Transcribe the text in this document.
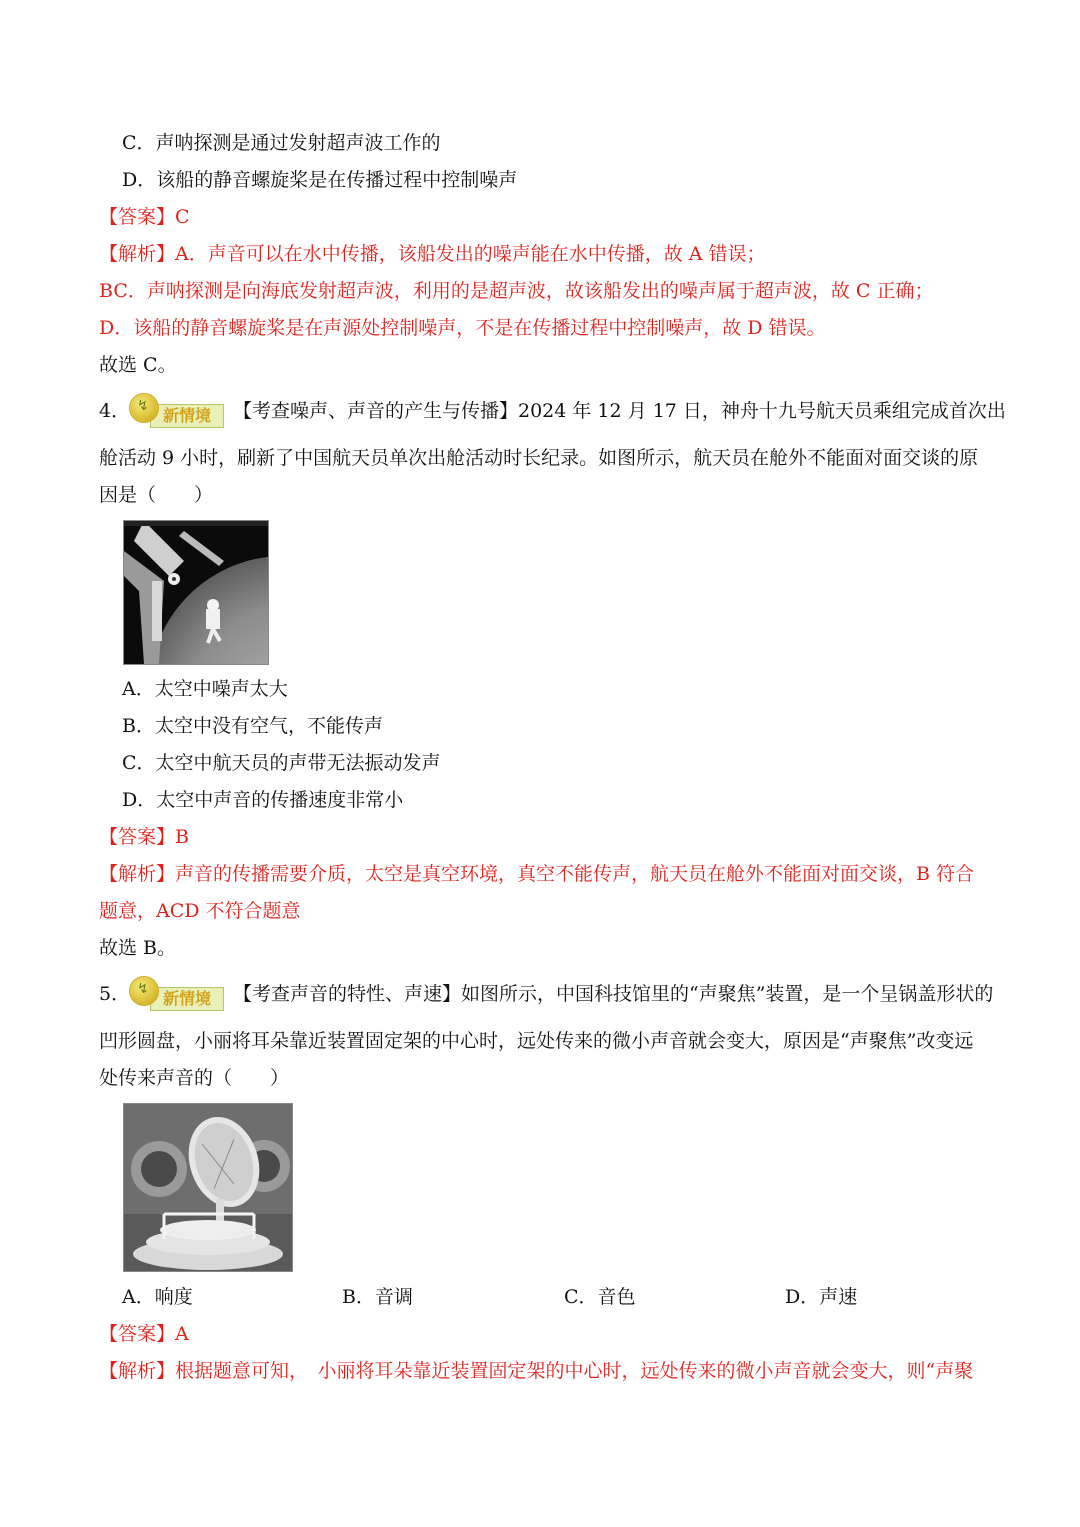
C．声呐探测是通过发射超声波工作的
D．该船的静音螺旋桨是在传播过程中控制噪声
【答案】C
【解析】A．声音可以在水中传播，该船发出的噪声能在水中传播，故 A 错误；
BC．声呐探测是向海底发射超声波，利用的是超声波，故该船发出的噪声属于超声波，故 C 正确；
D．该船的静音螺旋桨是在声源处控制噪声，不是在传播过程中控制噪声，故 D 错误。
故选 C。
4．	新情境
↯	【考查噪声、声音的产生与传播】2024 年 12 月 17 日，神舟十九号航天员乘组完成首次出
舱活动 9 小时，刷新了中国航天员单次出舱活动时长纪录。如图所示，航天员在舱外不能面对面交谈的原
因是（　　）
A．太空中噪声太大
B．太空中没有空气，不能传声
C．太空中航天员的声带无法振动发声
D．太空中声音的传播速度非常小
【答案】B
【解析】声音的传播需要介质，太空是真空环境，真空不能传声，航天员在舱外不能面对面交谈，B 符合
题意，ACD 不符合题意
故选 B。
5．	新情境
↯	【考查声音的特性、声速】如图所示，中国科技馆里的“声聚焦”装置，是一个呈锅盖形状的
凹形圆盘，小丽将耳朵靠近装置固定架的中心时，远处传来的微小声音就会变大，原因是“声聚焦”改变远
处传来声音的（　　）
A．响度	B．音调	C．音色	D．声速
【答案】A
【解析】根据题意可知，　小丽将耳朵靠近装置固定架的中心时，远处传来的微小声音就会变大，则“声聚
